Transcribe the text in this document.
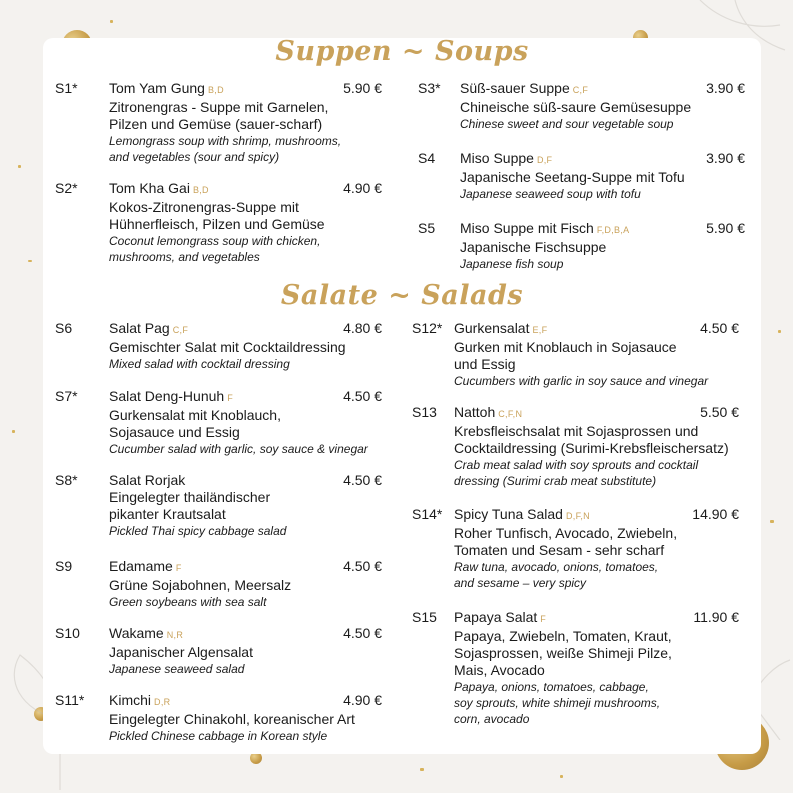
Suppen ~ Soups
S1* Tom Yam Gung B,D
Zitronengras - Suppe mit Garnelen,
Pilzen und Gemüse (sauer-scharf)
Lemongrass soup with shrimp, mushrooms,
and vegetables (sour and spicy)
5.90 €
S2* Tom Kha Gai B,D
Kokos-Zitronengras-Suppe mit
Hühnerfleisch, Pilzen und Gemüse
Coconut lemongrass soup with chicken,
mushrooms, and vegetables
4.90 €
S3* Süß-sauer Suppe C,F
Chineische süß-saure Gemüsesuppe
Chinese sweet and sour vegetable soup
3.90 €
S4 Miso Suppe D,F
Japanische Seetang-Suppe mit Tofu
Japanese seaweed soup with tofu
3.90 €
S5 Miso Suppe mit Fisch F,D,B,A
Japanische Fischsuppe
Japanese fish soup
5.90 €
Salate ~ Salads
S6	Salat Pag C,F
Gemischter Salat mit Cocktaildressing
Mixed salad with cocktail dressing
4.80 €
S7* Salat Deng-Hunuh F
Gurkensalat mit Knoblauch,
Sojasauce und Essig
Cucumber salad with garlic, soy sauce & vinegar
4.50 €
S8* Salat Rorjak
Eingelegter thailändischer
pikanter Krautsalat
Pickled Thai spicy cabbage salad
4.50 €
S9	Edamame F
Grüne Sojabohnen, Meersalz
Green soybeans with sea salt
4.50 €
S10 Wakame N,R
Japanischer Algensalat
Japanese seaweed salad
4.50 €
S11* Kimchi D,R
Eingelegter Chinakohl, koreanischer Art
Pickled Chinese cabbage in Korean style
4.90 €
S12* Gurkensalat E,F
Gurken mit Knoblauch in Sojasauce
und Essig
Cucumbers with garlic in soy sauce and vinegar
4.50 €
S13 Nattoh C,F,N
Krebsfleischsalat mit Sojasprossen und
Cocktaildressing (Surimi-Krebsfleischersatz)
Crab meat salad with soy sprouts and cocktail
dressing (Surimi crab meat substitute)
5.50 €
S14* Spicy Tuna Salad D,F,N
Roher Tunfisch, Avocado, Zwiebeln,
Tomaten und Sesam - sehr scharf
Raw tuna, avocado, onions, tomatoes,
and sesame – very spicy
14.90 €
S15 Papaya Salat F
Papaya, Zwiebeln, Tomaten, Kraut,
Sojasprossen, weiße Shimeji Pilze,
Mais, Avocado
Papaya, onions, tomatoes, cabbage,
soy sprouts, white shimeji mushrooms,
corn, avocado
11.90 €
